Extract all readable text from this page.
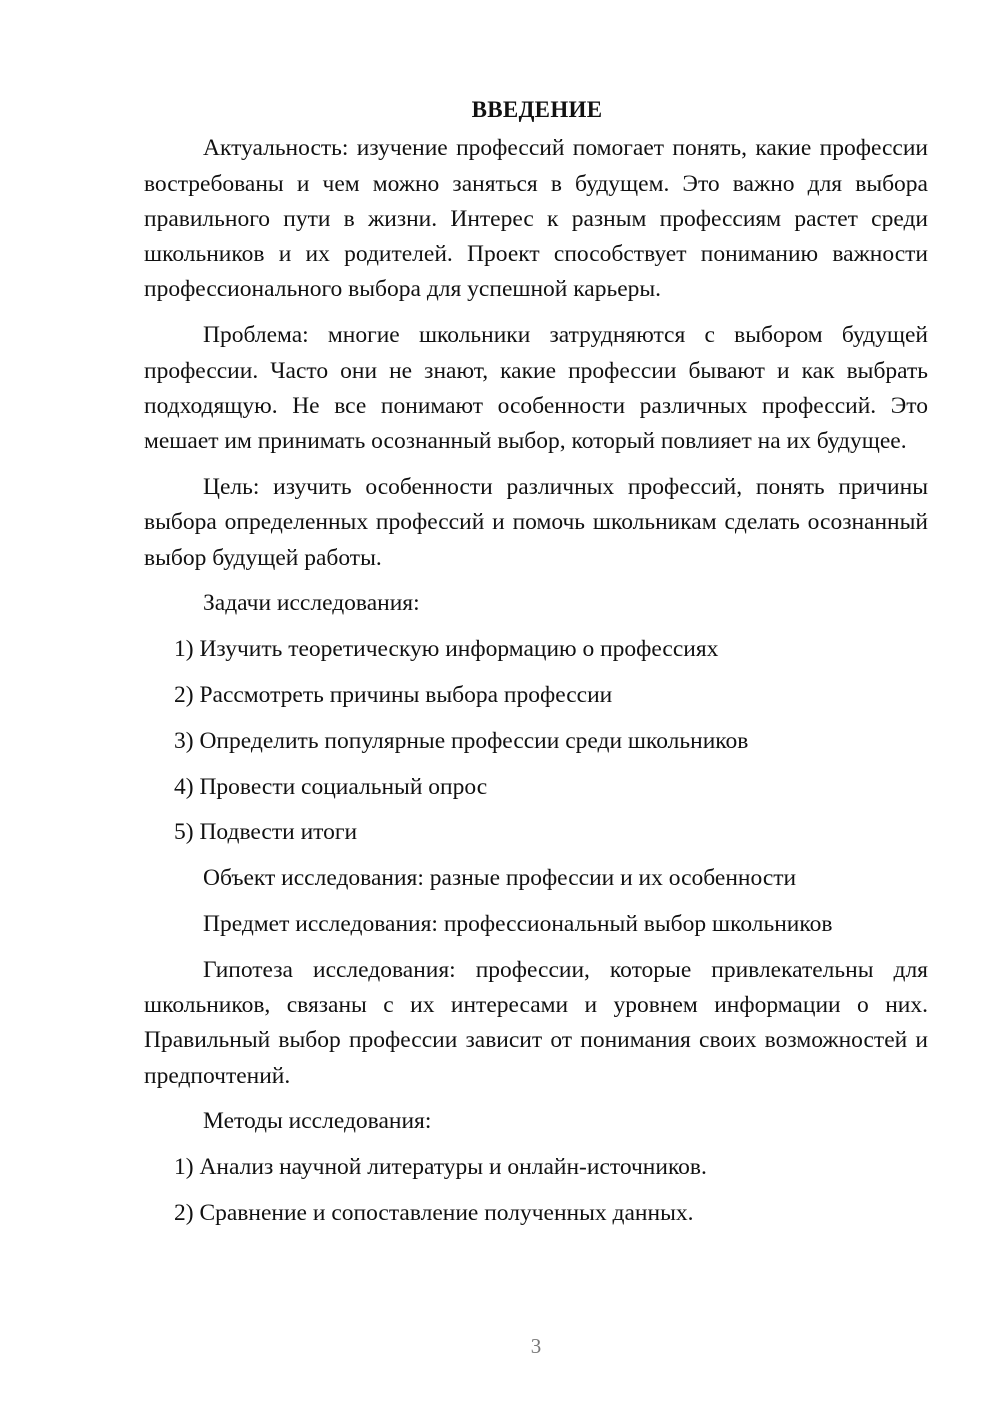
ВВЕДЕНИЕ

Актуальность: изучение профессий помогает понять, какие профессии востребованы и чем можно заняться в будущем. Это важно для выбора правильного пути в жизни. Интерес к разным профессиям растет среди школьников и их родителей. Проект способствует пониманию важности профессионального выбора для успешной карьеры.

Проблема: многие школьники затрудняются с выбором будущей профессии. Часто они не знают, какие профессии бывают и как выбрать подходящую. Не все понимают особенности различных профессий. Это мешает им принимать осознанный выбор, который повлияет на их будущее.

Цель: изучить особенности различных профессий, понять причины выбора определенных профессий и помочь школьникам сделать осознанный выбор будущей работы.

Задачи исследования:

1) Изучить теоретическую информацию о профессиях

2) Рассмотреть причины выбора профессии

3) Определить популярные профессии среди школьников

4) Провести социальный опрос

5) Подвести итоги

Объект исследования: разные профессии и их особенности

Предмет исследования: профессиональный выбор школьников

Гипотеза исследования: профессии, которые привлекательны для школьников, связаны с их интересами и уровнем информации о них. Правильный выбор профессии зависит от понимания своих возможностей и предпочтений.

Методы исследования:

1) Анализ научной литературы и онлайн-источников.

2) Сравнение и сопоставление полученных данных.

3
